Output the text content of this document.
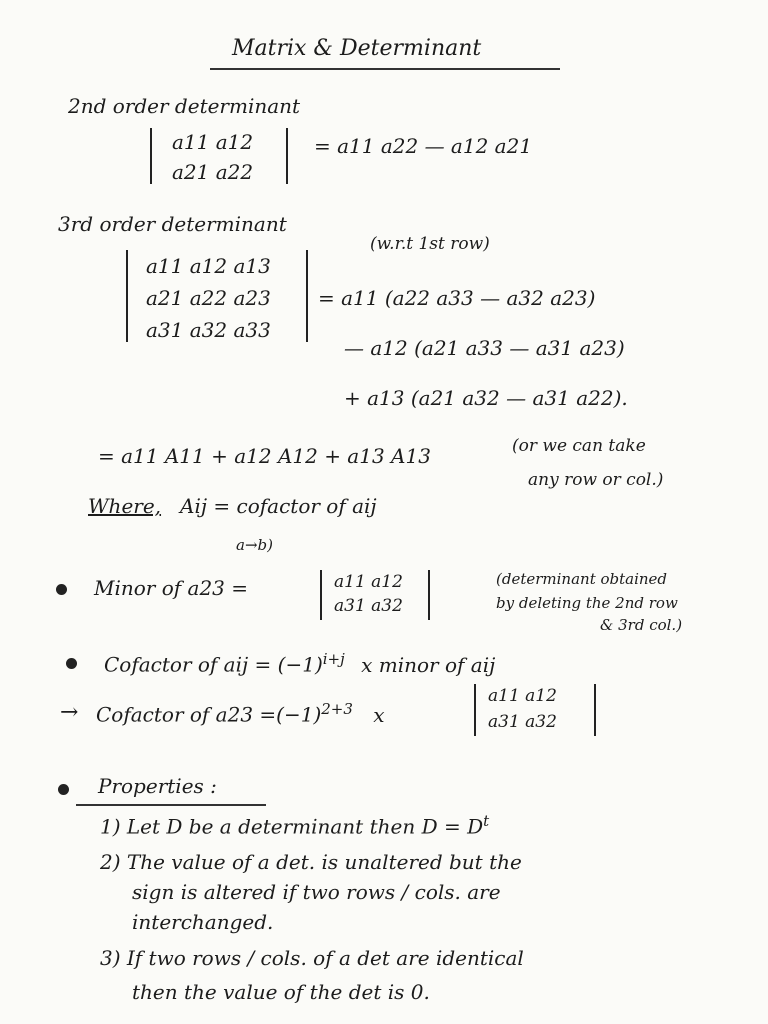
Matrix & Determinant
2nd order determinant
a11 a12
a21 a22
= a11 a22 — a12 a21
3rd order determinant
(w.r.t 1st row)
a11 a12 a13
a21 a22 a23
a31 a32 a33
= a11 (a22 a33 — a32 a23)
— a12 (a21 a33 — a31 a23)
+ a13 (a21 a32 — a31 a22).
= a11 A11 + a12 A12 + a13 A13	(or we can take
any row or col.)
Where, Aij = cofactor of aij
a→b)
Minor of a23 =	a11 a12
a31 a32
(determinant obtained
by deleting the 2nd row
& 3rd col.)
Cofactor of aij = $(-1)^{i+j}$ x minor of aij
→ Cofactor of $a23 =(-1)^{2+3}$ x
a11 a12
a31 a32
Properties :
1) Let D be a determinant then $D = D^t$
2) The value of a det. is unaltered but the
sign is altered if two rows / cols. are
interchanged.
3) If two rows / cols. of a det are identical
then the value of the det is 0.
